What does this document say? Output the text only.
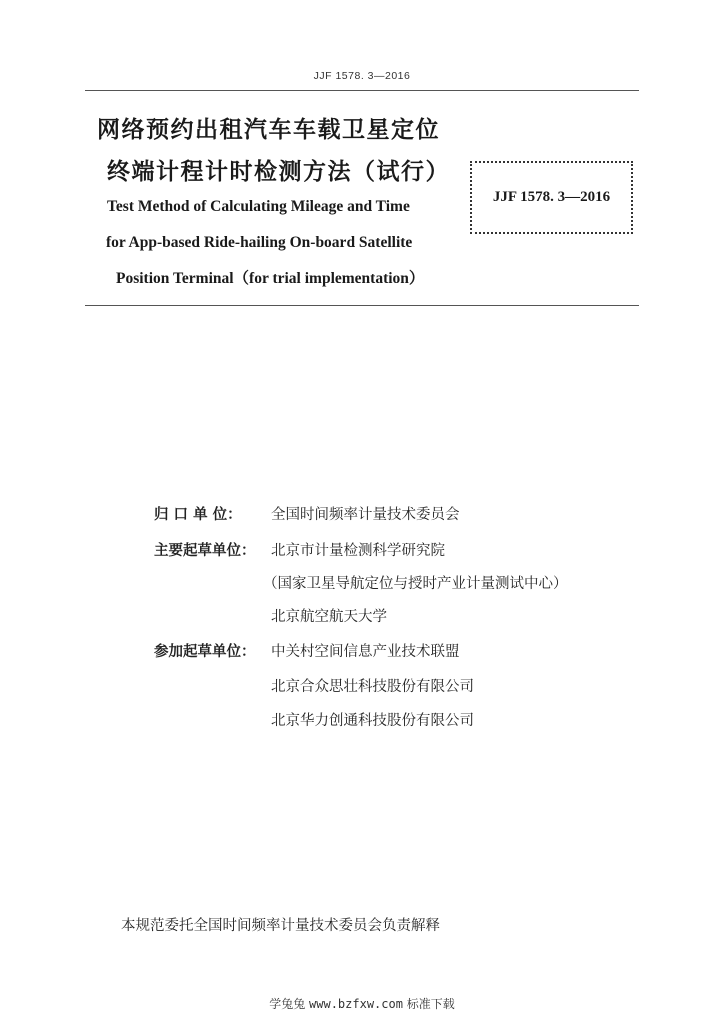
JJF 1578. 3—2016
网络预约出租汽车车载卫星定位
终端计程计时检测方法（试行）
JJF 1578. 3—2016
Test Method of Calculating Mileage and Time
for App-based Ride-hailing On-board Satellite
Position Terminal（for trial implementation）
归 口 单 位：	全国时间频率计量技术委员会
主要起草单位：	北京市计量检测科学研究院
（国家卫星导航定位与授时产业计量测试中心）
北京航空航天大学
参加起草单位：	中关村空间信息产业技术联盟
北京合众思壮科技股份有限公司
北京华力创通科技股份有限公司
本规范委托全国时间频率计量技术委员会负责解释
学兔兔 www.bzfxw.com 标准下载
